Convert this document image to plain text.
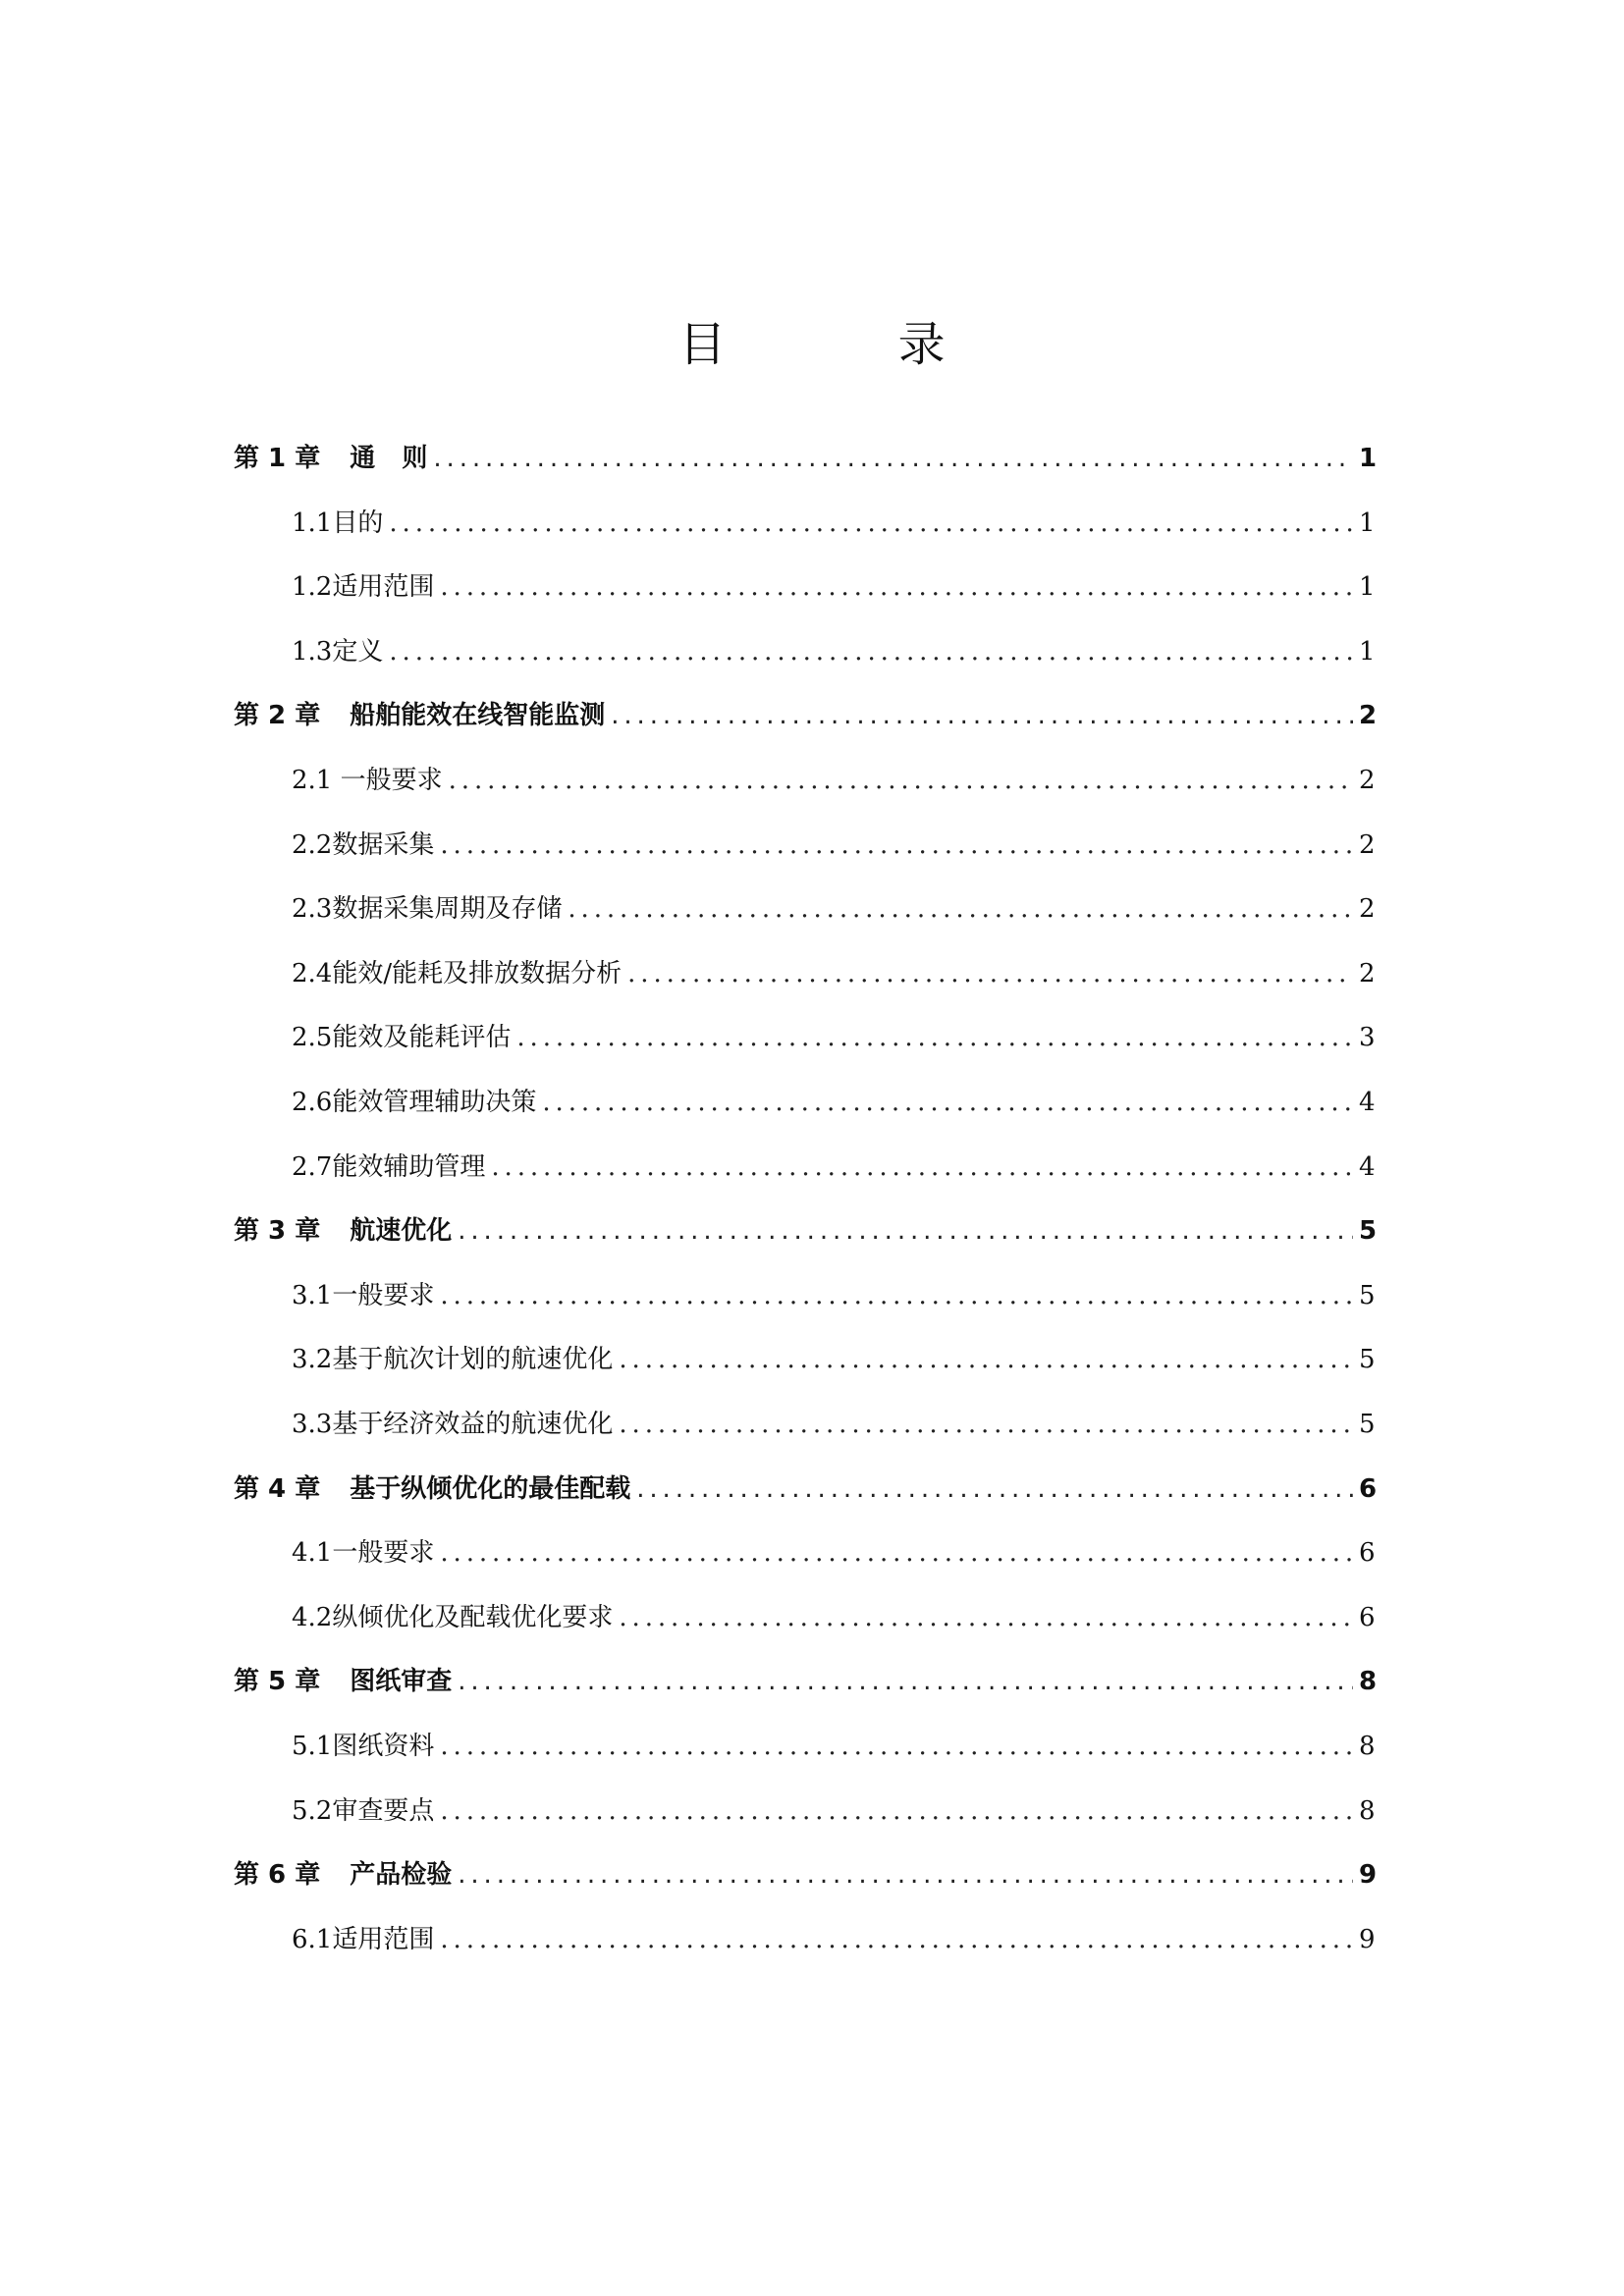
目 录
第 1 章 通   则 .....	1
1.1 目的 .....	1
1.2 适用范围 .....	1
1.3 定义 .....	1
第 2 章 船舶能效在线智能监测 .....	2
2.1 一般要求 .....	2
2.2 数据采集 .....	2
2.3 数据采集周期及存储 .....	2
2.4 能效/能耗及排放数据分析 .....	2
2.5 能效及能耗评估 .....	3
2.6 能效管理辅助决策 .....	4
2.7 能效辅助管理 .....	4
第 3 章 航速优化 .....	5
3.1 一般要求 .....	5
3.2 基于航次计划的航速优化 .....	5
3.3 基于经济效益的航速优化 .....	5
第 4 章 基于纵倾优化的最佳配载 .....	6
4.1 一般要求 .....	6
4.2 纵倾优化及配载优化要求 .....	6
第 5 章 图纸审查 .....	8
5.1 图纸资料 .....	8
5.2 审查要点 .....	8
第 6 章 产品检验 .....	9
6.1 适用范围 .....	9
